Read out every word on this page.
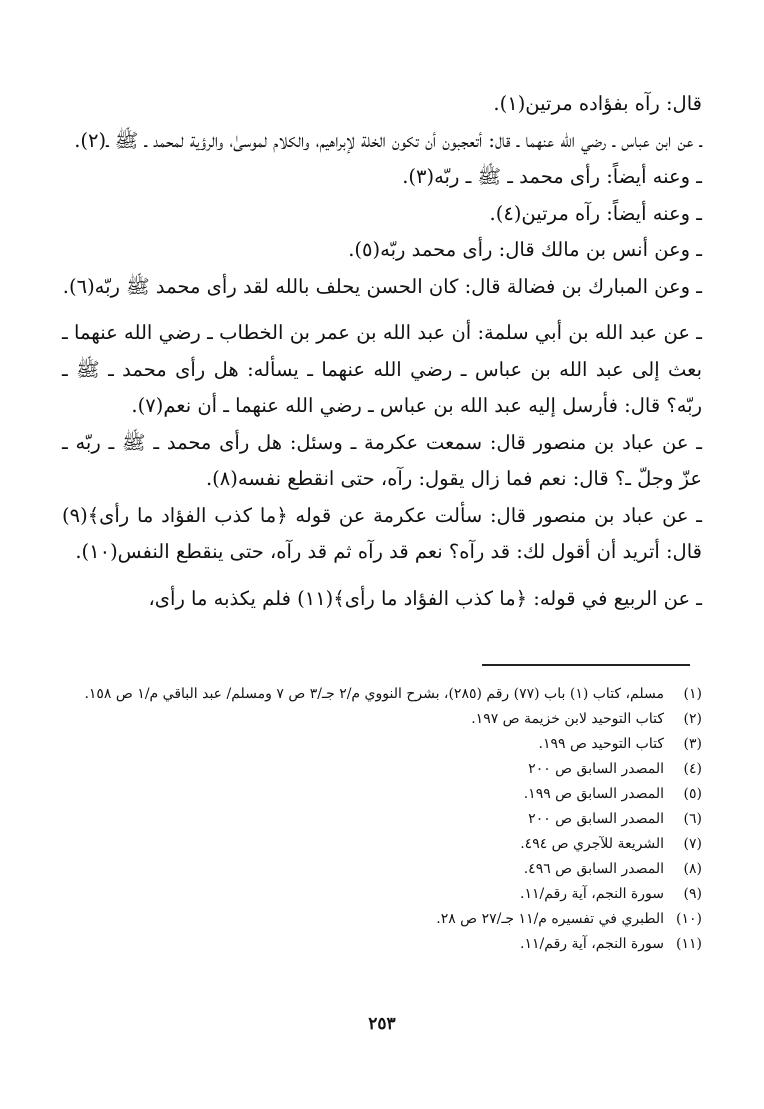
قال: رآه بفؤاده مرتين(١).

ـ عن ابن عباس ـ رضي الله عنهما ـ قال: أتعجبون أن تكون الخلة لإبراهيم، والكلام لموسىٰ، والرؤية لمحمد ـ ﷺ ـ(٢).

ـ وعنه أيضاً: رأى محمد ـ ﷺ ـ ربّه(٣).

ـ وعنه أيضاً: رآه مرتين(٤).

ـ وعن أنس بن مالك قال: رأى محمد ربّه(٥).

ـ وعن المبارك بن فضالة قال: كان الحسن يحلف بالله لقد رأى محمد ﷺ ربّه(٦).

ـ عن عبد الله بن أبي سلمة: أن عبد الله بن عمر بن الخطاب ـ رضي الله عنهما ـ بعث إلى عبد الله بن عباس ـ رضي الله عنهما ـ يسأله: هل رأى محمد ـ ﷺ ـ ربّه؟ قال: فأرسل إليه عبد الله بن عباس ـ رضي الله عنهما ـ أن نعم(٧).

ـ عن عباد بن منصور قال: سمعت عكرمة ـ وسئل: هل رأى محمد ـ ﷺ ـ ربّه ـ عزّ وجلّ ـ؟ قال: نعم فما زال يقول: رآه، حتى انقطع نفسه(٨).

ـ عن عباد بن منصور قال: سألت عكرمة عن قوله ﴿ما كذب الفؤاد ما رأى﴾(٩) قال: أتريد أن أقول لك: قد رآه؟ نعم قد رآه ثم قد رآه، حتى ينقطع النفس(١٠).

ـ عن الربيع في قوله: ﴿ما كذب الفؤاد ما رأى﴾(١١) فلم يكذبه ما رأى،

(١)
مسلم، كتاب (١) باب (٧٧) رقم (٢٨٥)، بشرح النووي م/٢ جـ/٣ ص ٧ ومسلم/ عبد الباقي م/١ ص ١٥٨.
(٢)
كتاب التوحيد لابن خزيمة ص ١٩٧.
(٣)
كتاب التوحيد ص ١٩٩.
(٤)
المصدر السابق ص ٢٠٠
(٥)
المصدر السابق ص ١٩٩.
(٦)
المصدر السابق ص ٢٠٠
(٧)
الشريعة للآجري ص ٤٩٤.
(٨)
المصدر السابق ص ٤٩٦.
(٩)
سورة النجم، آية رقم/١١.
(١٠)
الطبري في تفسيره م/١١ جـ/٢٧ ص ٢٨.
(١١)
سورة النجم، آية رقم/١١.
٢٥٣
